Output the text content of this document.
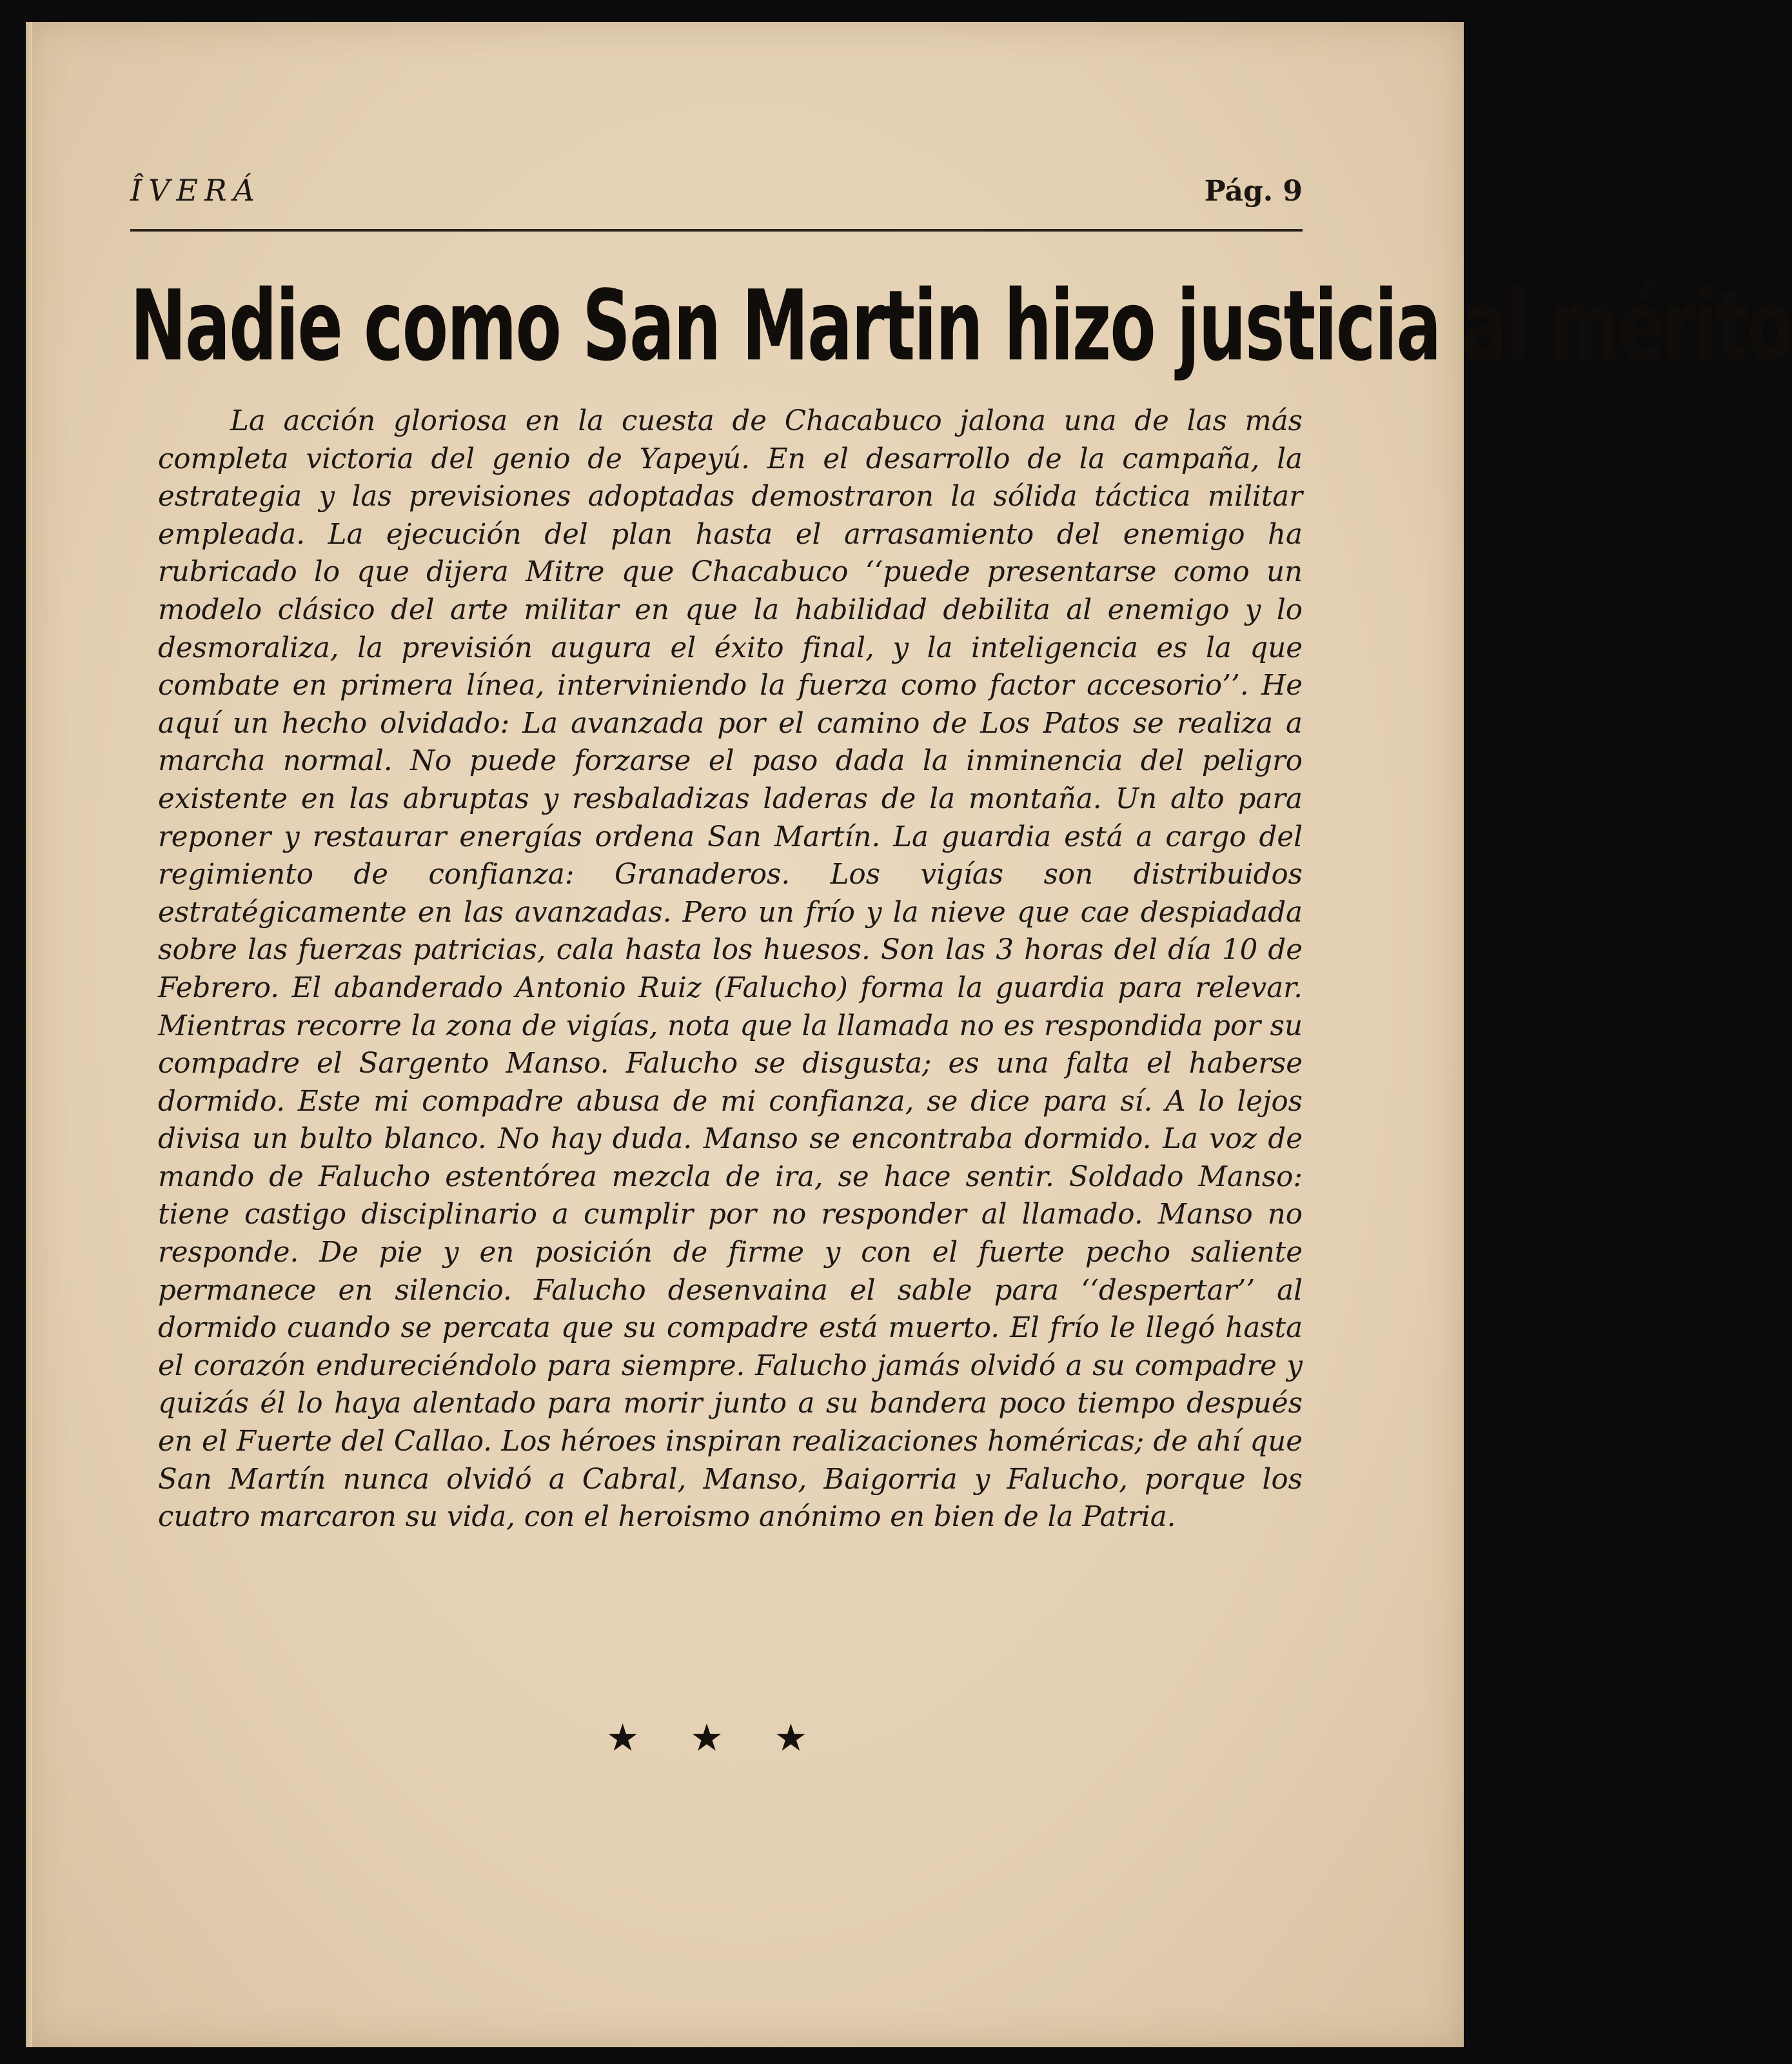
ÎVERÁ	Pág. 9
Nadie como San Martin hizo justicia al mérito

La acción gloriosa en la cuesta de Chacabuco jalona una de las más completa victoria del genio de Yapeyú. En el desarrollo de la campaña, la estrategia y las previsiones adoptadas demostraron la sólida táctica militar empleada. La ejecución del plan hasta el arrasamiento del enemigo ha rubricado lo que dijera Mitre que Chacabuco ‘‘puede presentarse como un modelo clásico del arte militar en que la habilidad debilita al enemigo y lo desmoraliza, la previsión augura el éxito final, y la inteligencia es la que combate en primera línea, interviniendo la fuerza como factor accesorio’’. He aquí un hecho olvidado: La avanzada por el camino de Los Patos se realiza a marcha normal. No puede forzarse el paso dada la inminencia del peligro existente en las abruptas y resbaladizas laderas de la montaña. Un alto para reponer y restaurar energías ordena San Martín. La guardia está a cargo del regimiento de confianza: Granaderos. Los vigías son distribuidos estratégicamente en las avanzadas. Pero un frío y la nieve que cae despiadada sobre las fuerzas patricias, cala hasta los huesos. Son las 3 horas del día 10 de Febrero. El abanderado Antonio Ruiz (Falucho) forma la guardia para relevar. Mientras recorre la zona de vigías, nota que la llamada no es respondida por su compadre el Sargento Manso. Falucho se disgusta; es una falta el haberse dormido. Este mi compadre abusa de mi confianza, se dice para sí. A lo lejos divisa un bulto blanco. No hay duda. Manso se encontraba dormido. La voz de mando de Falucho estentórea mezcla de ira, se hace sentir. Soldado Manso: tiene castigo disciplinario a cumplir por no responder al llamado. Manso no responde. De pie y en posición de firme y con el fuerte pecho saliente permanece en silencio. Falucho desenvaina el sable para ‘‘despertar’’ al dormido cuando se percata que su compadre está muerto. El frío le llegó hasta el corazón endureciéndolo para siempre. Falucho jamás olvidó a su compadre y quizás él lo haya alentado para morir junto a su bandera poco tiempo después en el Fuerte del Callao. Los héroes inspiran realizaciones homéricas; de ahí que San Martín nunca olvidó a Cabral, Manso, Baigorria y Falucho, porque los cuatro marcaron su vida, con el heroismo anónimo en bien de la Patria.

★ ★ ★
